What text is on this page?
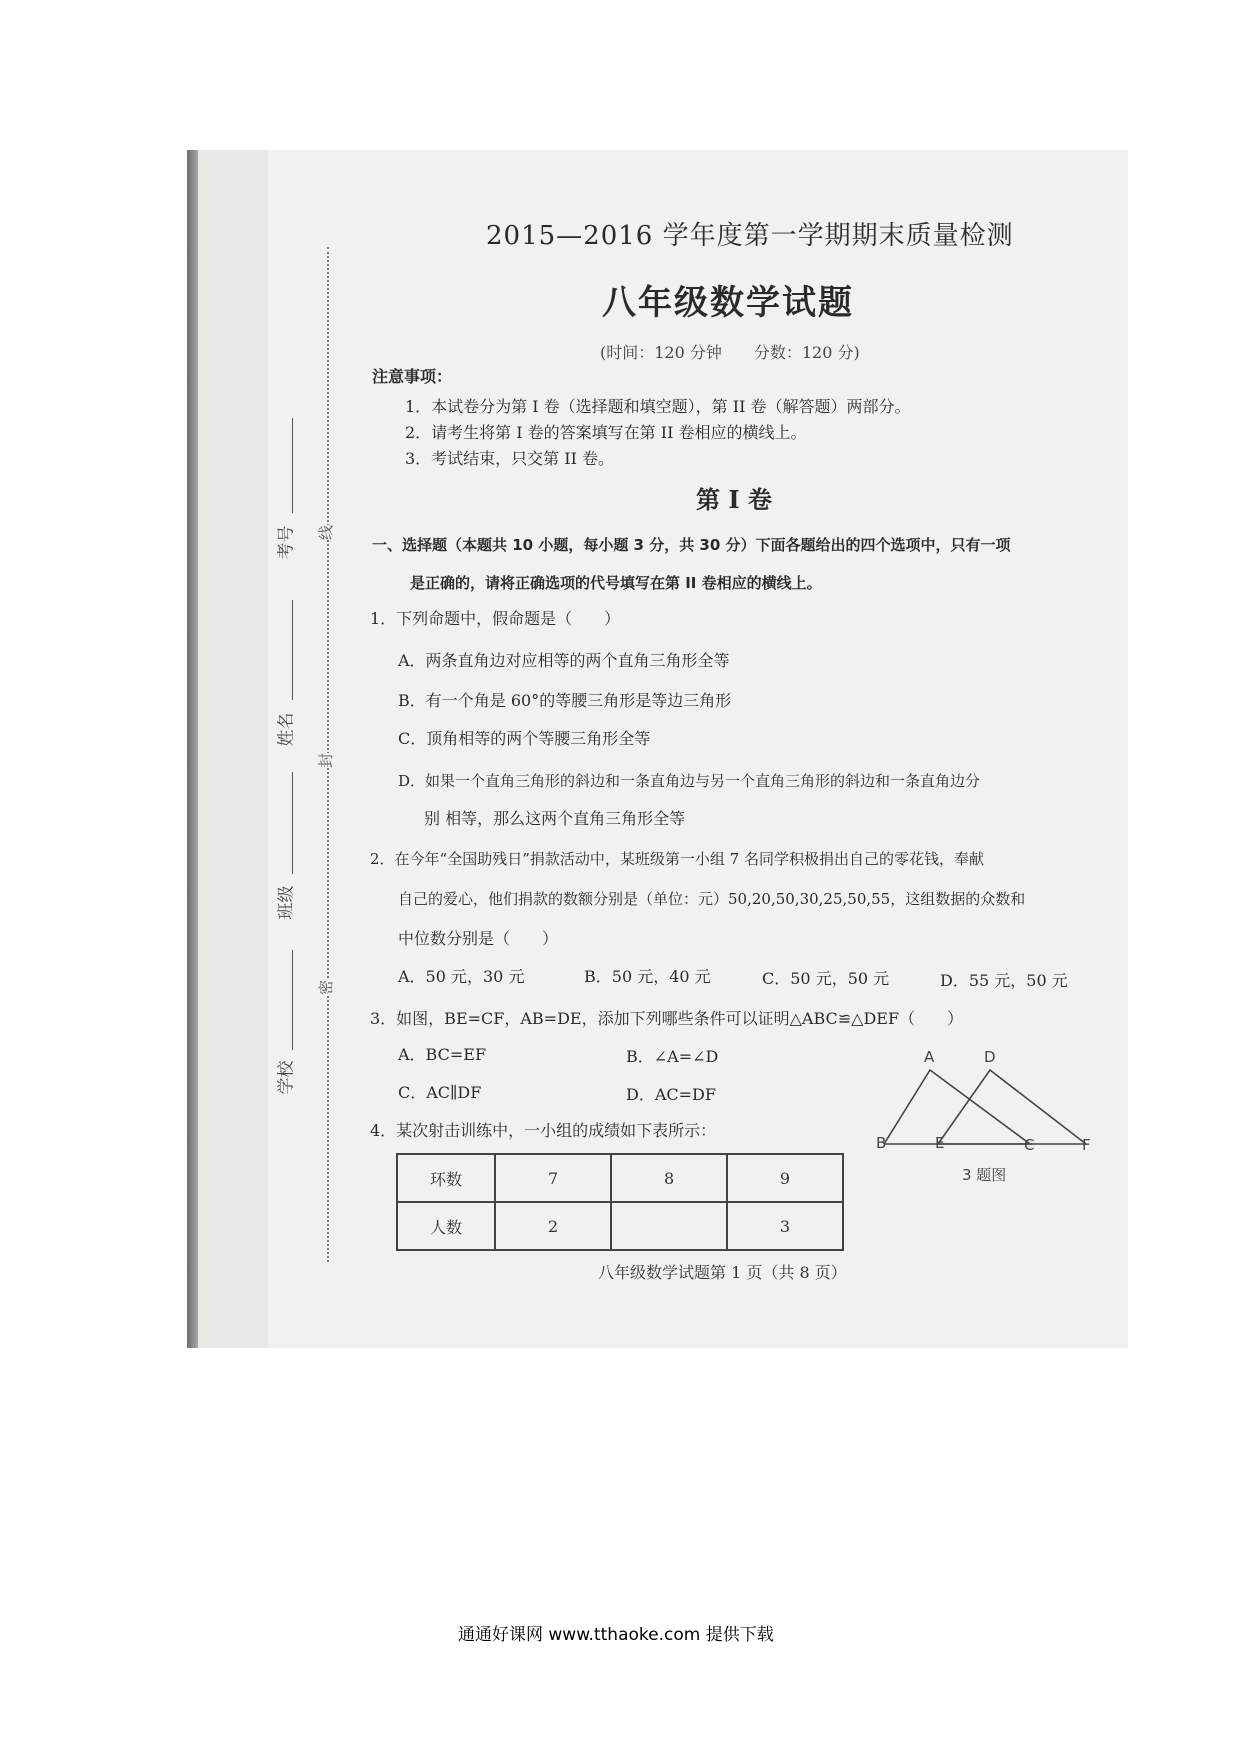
考号
姓名
班级
学校
线
封
密
2015—2016 学年度第一学期期末质量检测
八年级数学试题
(时间：120 分钟　　分数：120 分)
注意事项：
1．本试卷分为第 I 卷（选择题和填空题），第 II 卷（解答题）两部分。
2．请考生将第 I 卷的答案填写在第 II 卷相应的横线上。
3．考试结束，只交第 II 卷。
第 I 卷
一、选择题（本题共 10 小题，每小题 3 分，共 30 分）下面各题给出的四个选项中，只有一项
是正确的，请将正确选项的代号填写在第 II 卷相应的横线上。
1．下列命题中，假命题是（　　）
A．两条直角边对应相等的两个直角三角形全等
B．有一个角是 60°的等腰三角形是等边三角形
C．顶角相等的两个等腰三角形全等
D．如果一个直角三角形的斜边和一条直角边与另一个直角三角形的斜边和一条直角边分
别 相等，那么这两个直角三角形全等
2．在今年“全国助残日”捐款活动中，某班级第一小组 7 名同学积极捐出自己的零花钱，奉献
自己的爱心，他们捐款的数额分别是（单位：元）50,20,50,30,25,50,55，这组数据的众数和
中位数分别是（　　）
A．50 元，30 元	B．50 元，40 元	C．50 元，50 元	D．55 元，50 元
3．如图，BE=CF，AB=DE，添加下列哪些条件可以证明△ABC≌△DEF（　　）
A．BC=EF	B．∠A=∠D
C．AC∥DF	D．AC=DF
A	D
B	E	C	F
3 题图
4．某次射击训练中，一小组的成绩如下表所示：
环数	7	8	9
人数	2		3
八年级数学试题第 1 页（共 8 页）
通通好课网 www.tthaoke.com 提供下载
